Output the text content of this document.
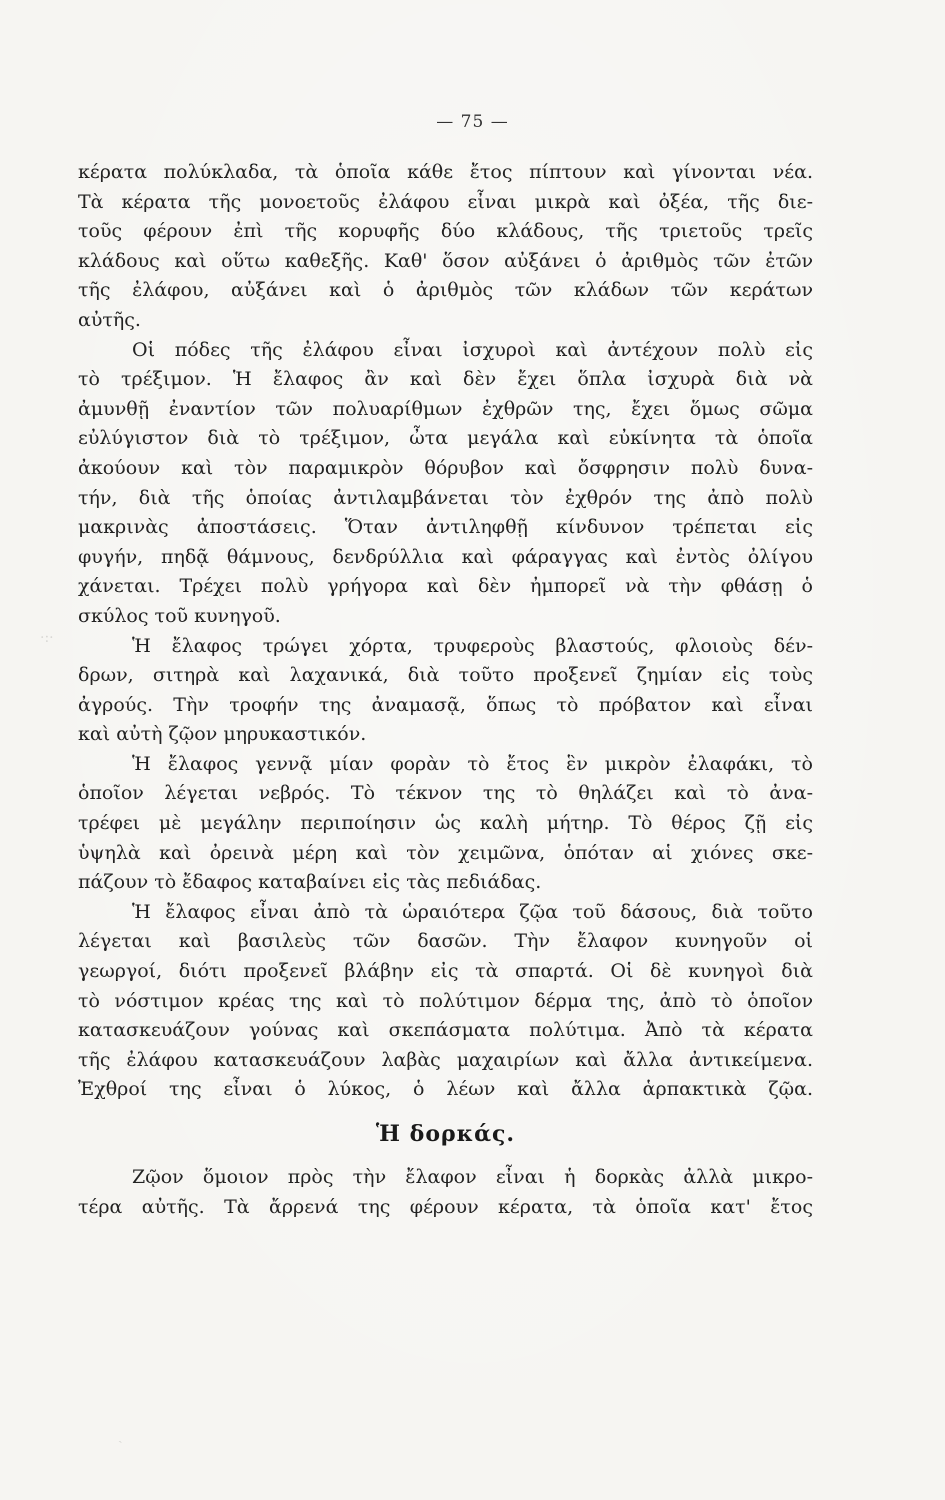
— 75 —
κέρατα πολύκλαδα, τὰ ὁποῖα κάθε ἔτος πίπτουν καὶ γίνονται νέα.
Τὰ κέρατα τῆς μονοετοῦς ἐλάφου εἶναι μικρὰ καὶ ὀξέα, τῆς διε-
τοῦς φέρουν ἐπὶ τῆς κορυφῆς δύο κλάδους, τῆς τριετοῦς τρεῖς
κλάδους καὶ οὕτω καθεξῆς. Καθ' ὅσον αὐξάνει ὁ ἀριθμὸς τῶν ἐτῶν
τῆς ἐλάφου, αὐξάνει καὶ ὁ ἀριθμὸς τῶν κλάδων τῶν κεράτων
αὐτῆς.
Οἱ πόδες τῆς ἐλάφου εἶναι ἰσχυροὶ καὶ ἀντέχουν πολὺ εἰς
τὸ τρέξιμον. Ἡ ἔλαφος ἂν καὶ δὲν ἔχει ὅπλα ἰσχυρὰ διὰ νὰ
ἀμυνθῇ ἐναντίον τῶν πολυαρίθμων ἐχθρῶν της, ἔχει ὅμως σῶμα
εὐλύγιστον διὰ τὸ τρέξιμον, ὦτα μεγάλα καὶ εὐκίνητα τὰ ὁποῖα
ἀκούουν καὶ τὸν παραμικρὸν θόρυβον καὶ ὄσφρησιν πολὺ δυνα-
τήν, διὰ τῆς ὁποίας ἀντιλαμβάνεται τὸν ἐχθρόν της ἀπὸ πολὺ
μακρινὰς ἀποστάσεις. Ὅταν ἀντιληφθῇ κίνδυνον τρέπεται εἰς
φυγήν, πηδᾷ θάμνους, δενδρύλλια καὶ φάραγγας καὶ ἐντὸς ὀλίγου
χάνεται. Τρέχει πολὺ γρήγορα καὶ δὲν ἠμπορεῖ νὰ τὴν φθάσῃ ὁ
σκύλος τοῦ κυνηγοῦ.
Ἡ ἔλαφος τρώγει χόρτα, τρυφεροὺς βλαστούς, φλοιοὺς δέν-
δρων, σιτηρὰ καὶ λαχανικά, διὰ τοῦτο προξενεῖ ζημίαν εἰς τοὺς
ἀγρούς. Τὴν τροφήν της ἀναμασᾷ, ὅπως τὸ πρόβατον καὶ εἶναι
καὶ αὐτὴ ζῷον μηρυκαστικόν.
Ἡ ἔλαφος γεννᾷ μίαν φορὰν τὸ ἔτος ἓν μικρὸν ἐλαφάκι, τὸ
ὁποῖον λέγεται νεβρός. Τὸ τέκνον της τὸ θηλάζει καὶ τὸ ἀνα-
τρέφει μὲ μεγάλην περιποίησιν ὡς καλὴ μήτηρ. Τὸ θέρος ζῇ εἰς
ὑψηλὰ καὶ ὀρεινὰ μέρη καὶ τὸν χειμῶνα, ὁπόταν αἱ χιόνες σκε-
πάζουν τὸ ἔδαφος καταβαίνει εἰς τὰς πεδιάδας.
Ἡ ἔλαφος εἶναι ἀπὸ τὰ ὡραιότερα ζῷα τοῦ δάσους, διὰ τοῦτο
λέγεται καὶ βασιλεὺς τῶν δασῶν. Τὴν ἔλαφον κυνηγοῦν οἱ
γεωργοί, διότι προξενεῖ βλάβην εἰς τὰ σπαρτά. Οἱ δὲ κυνηγοὶ διὰ
τὸ νόστιμον κρέας της καὶ τὸ πολύτιμον δέρμα της, ἀπὸ τὸ ὁποῖον
κατασκευάζουν γούνας καὶ σκεπάσματα πολύτιμα. Ἀπὸ τὰ κέρατα
τῆς ἐλάφου κατασκευάζουν λαβὰς μαχαιρίων καὶ ἄλλα ἀντικείμενα.
Ἐχθροί της εἶναι ὁ λύκος, ὁ λέων καὶ ἄλλα ἁρπακτικὰ ζῷα.
Ἡ δορκάς.
Ζῷον ὅμοιον πρὸς τὴν ἔλαφον εἶναι ἡ δορκὰς ἀλλὰ μικρο-
τέρα αὐτῆς. Τὰ ἄρρενά της φέρουν κέρατα, τὰ ὁποῖα κατ' ἔτος
·:·
ˏ
